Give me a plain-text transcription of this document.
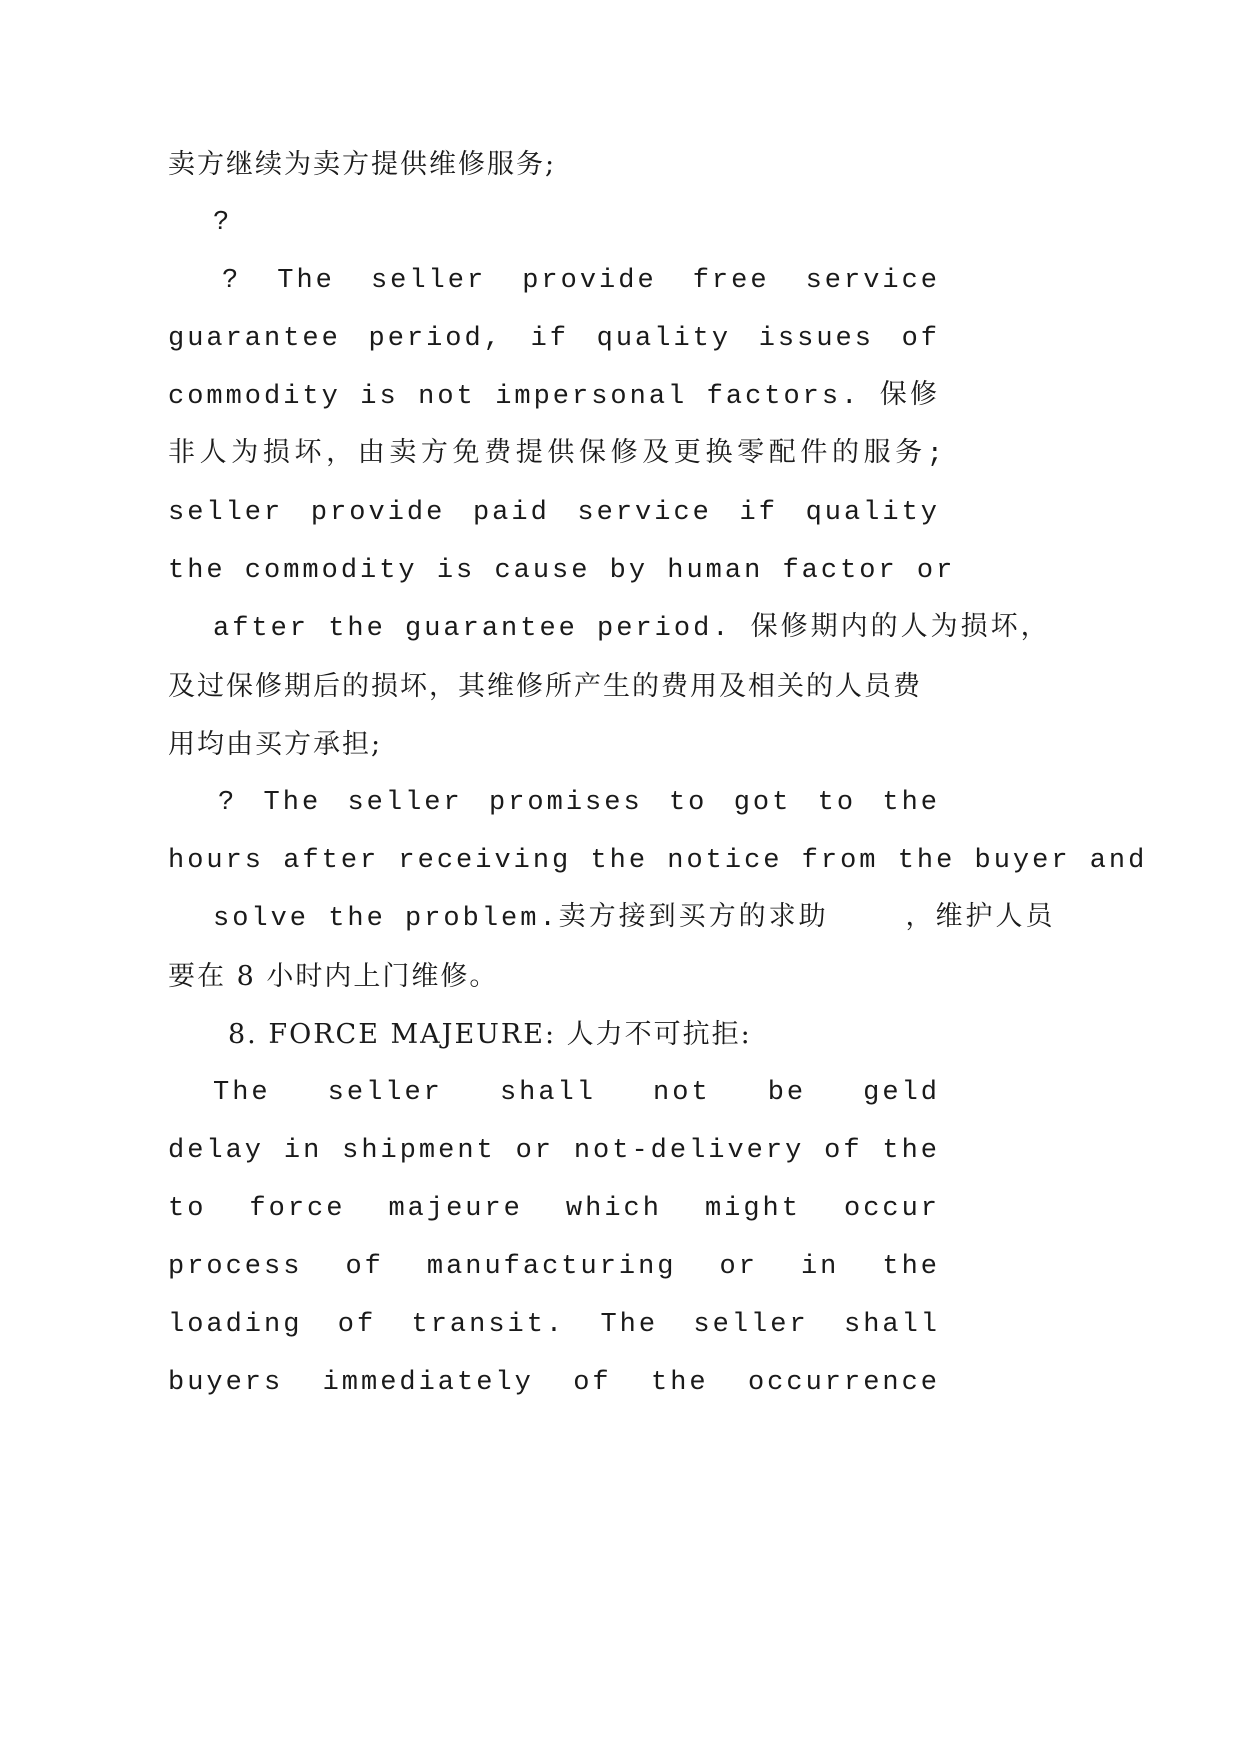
卖方继续为卖方提供维修服务;
?
? The seller provide free service
guarantee period, if quality issues of
commodity is not impersonal factors. 保修
非人为损坏，由卖方免费提供保修及更换零配件的服务;
seller provide paid service if quality
the commodity is cause by human factor or
after the guarantee period. 保修期内的人为损坏，
及过保修期后的损坏，其维修所产生的费用及相关的人员费
用均由买方承担;
? The seller promises to got to the
hours after receiving the notice from the buyer and
solve the problem.卖方接到买方的求助    ，维护人员
要在 8 小时内上门维修。
8. FORCE MAJEURE: 人力不可抗拒:
The seller shall not be geld
delay in shipment or not-delivery of the
to force majeure which might occur
process of manufacturing or in the
loading of transit. The seller shall
buyers immediately of the occurrence
